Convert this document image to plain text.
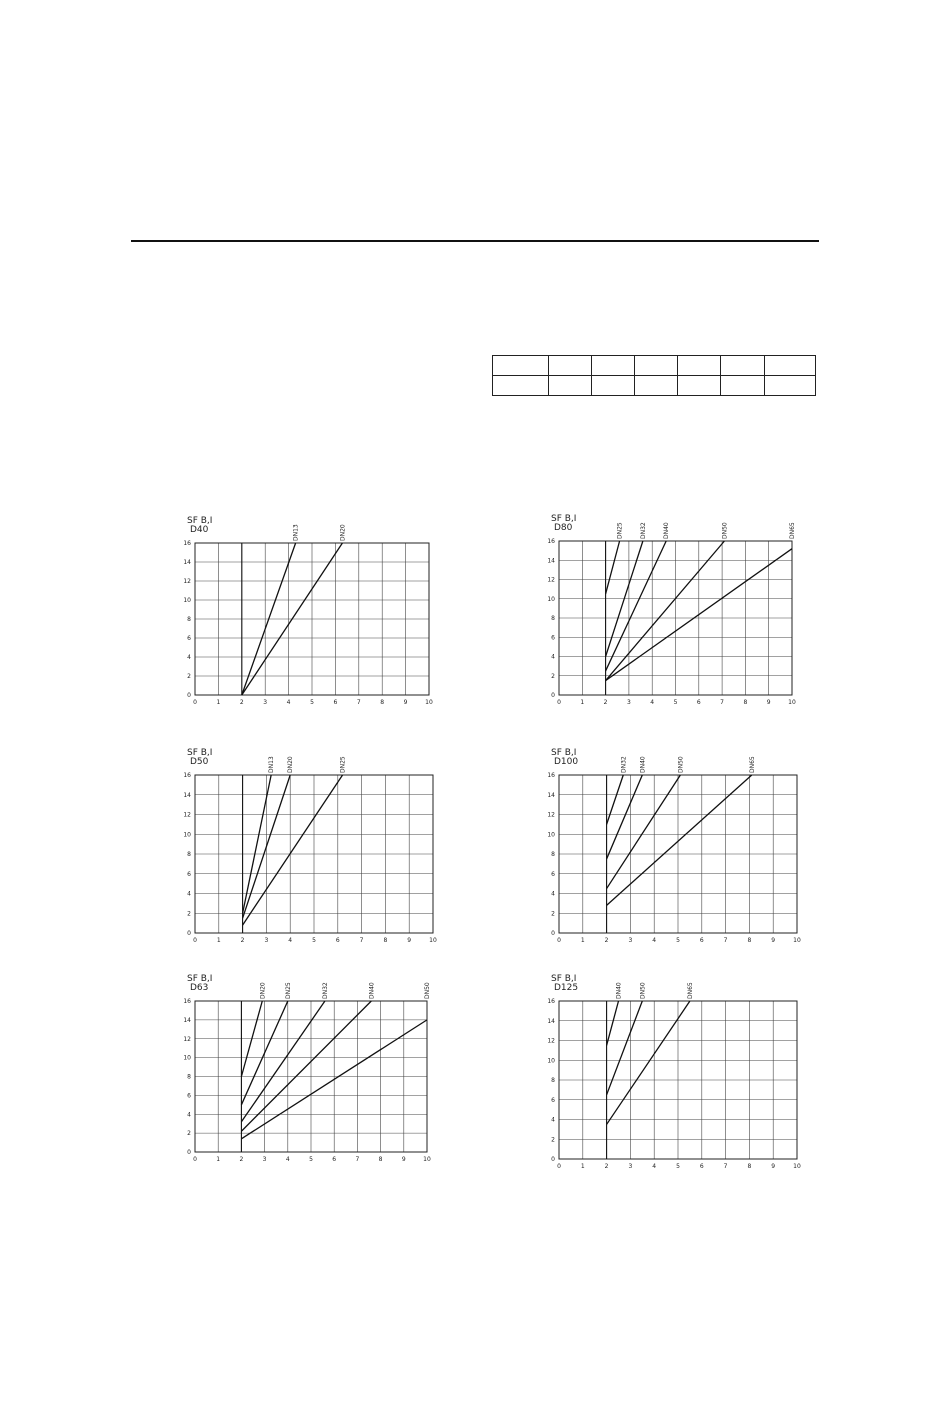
SF B,I
D40
0	1	2	3	4	5	6	7	8	9	10
0
2
4
6
8
10
12
14
16
DN13	DN20
SF B,I
D80
0	1	2	3	4	5	6	7	8	9	10
0
2
4
6
8
10
12
14
16
DN25	DN32	DN40	DN50	DN65
SF B,I
D50
0	1	2	3	4	5	6	7	8	9	10
0
2
4
6
8
10
12
14
16
DN13 DN20	DN25
SF B,I
D100
0	1	2	3	4	5	6	7	8	9	10
0
2
4
6
8
10
12
14
16
DN32 DN40	DN50	DN65
SF B,I
D63
0	1	2	3	4	5	6	7	8	9	10
0
2
4
6
8
10
12
14
16
DN20	DN25	DN32	DN40	DN50
SF B,I
D125
0	1	2	3	4	5	6	7	8	9	10
0
2
4
6
8
10
12
14
16
DN40	DN50	DN65
